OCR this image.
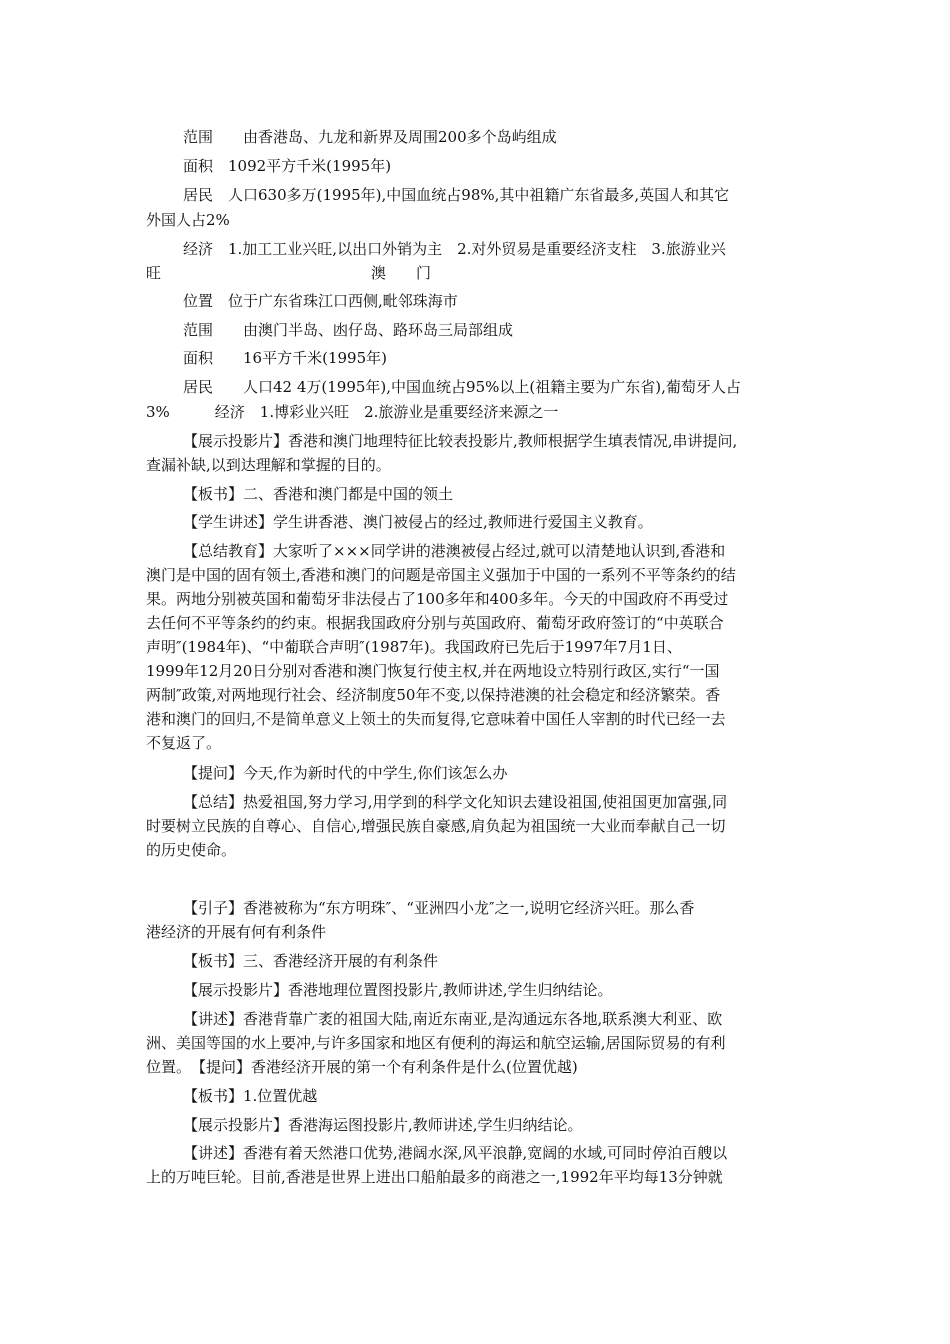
范围　　由香港岛、九龙和新界及周围200多个岛屿组成
面积　1092平方千米(1995年)
居民　人口630多万(1995年),中国血统占98%,其中祖籍广东省最多,英国人和其它
外国人占2%
经济　1.加工工业兴旺,以出口外销为主　2.对外贸易是重要经济支柱　3.旅游业兴
旺　　　　　　　　　　　　　　澳　　门
位置　位于广东省珠江口西侧,毗邻珠海市
范围　　由澳门半岛、凼仔岛、路环岛三局部组成
面积　　16平方千米(1995年)
居民　　人口42 4万(1995年),中国血统占95%以上(祖籍主要为广东省),葡萄牙人占
3%　　　经济　1.博彩业兴旺　2.旅游业是重要经济来源之一
【展示投影片】香港和澳门地理特征比较表投影片,教师根据学生填表情况,串讲提问,
查漏补缺,以到达理解和掌握的目的。
【板书】二、香港和澳门都是中国的领土
【学生讲述】学生讲香港、澳门被侵占的经过,教师进行爱国主义教育。
【总结教育】大家听了×××同学讲的港澳被侵占经过,就可以清楚地认识到,香港和
澳门是中国的固有领土,香港和澳门的问题是帝国主义强加于中国的一系列不平等条约的结
果。两地分别被英国和葡萄牙非法侵占了100多年和400多年。今天的中国政府不再受过
去任何不平等条约的约束。根据我国政府分别与英国政府、葡萄牙政府签订的“中英联合
声明″(1984年)、“中葡联合声明″(1987年)。我国政府已先后于1997年7月1日、
1999年12月20日分别对香港和澳门恢复行使主权,并在两地设立特别行政区,实行“一国
两制″政策,对两地现行社会、经济制度50年不变,以保持港澳的社会稳定和经济繁荣。香
港和澳门的回归,不是简单意义上领土的失而复得,它意味着中国任人宰割的时代已经一去
不复返了。
【提问】今天,作为新时代的中学生,你们该怎么办
【总结】热爱祖国,努力学习,用学到的科学文化知识去建设祖国,使祖国更加富强,同
时要树立民族的自尊心、自信心,增强民族自豪感,肩负起为祖国统一大业而奉献自己一切
的历史使命。
【引子】香港被称为“东方明珠″、“亚洲四小龙″之一,说明它经济兴旺。那么香
港经济的开展有何有利条件
【板书】三、香港经济开展的有利条件
【展示投影片】香港地理位置图投影片,教师讲述,学生归纳结论。
【讲述】香港背靠广袤的祖国大陆,南近东南亚,是沟通远东各地,联系澳大利亚、欧
洲、美国等国的水上要冲,与许多国家和地区有便利的海运和航空运输,居国际贸易的有利
位置。　【提问】香港经济开展的第一个有利条件是什么(位置优越)
【板书】1.位置优越
【展示投影片】香港海运图投影片,教师讲述,学生归纳结论。
【讲述】香港有着天然港口优势,港阔水深,风平浪静,宽阔的水域,可同时停泊百艘以
上的万吨巨轮。目前,香港是世界上进出口船舶最多的商港之一,1992年平均每13分钟就
